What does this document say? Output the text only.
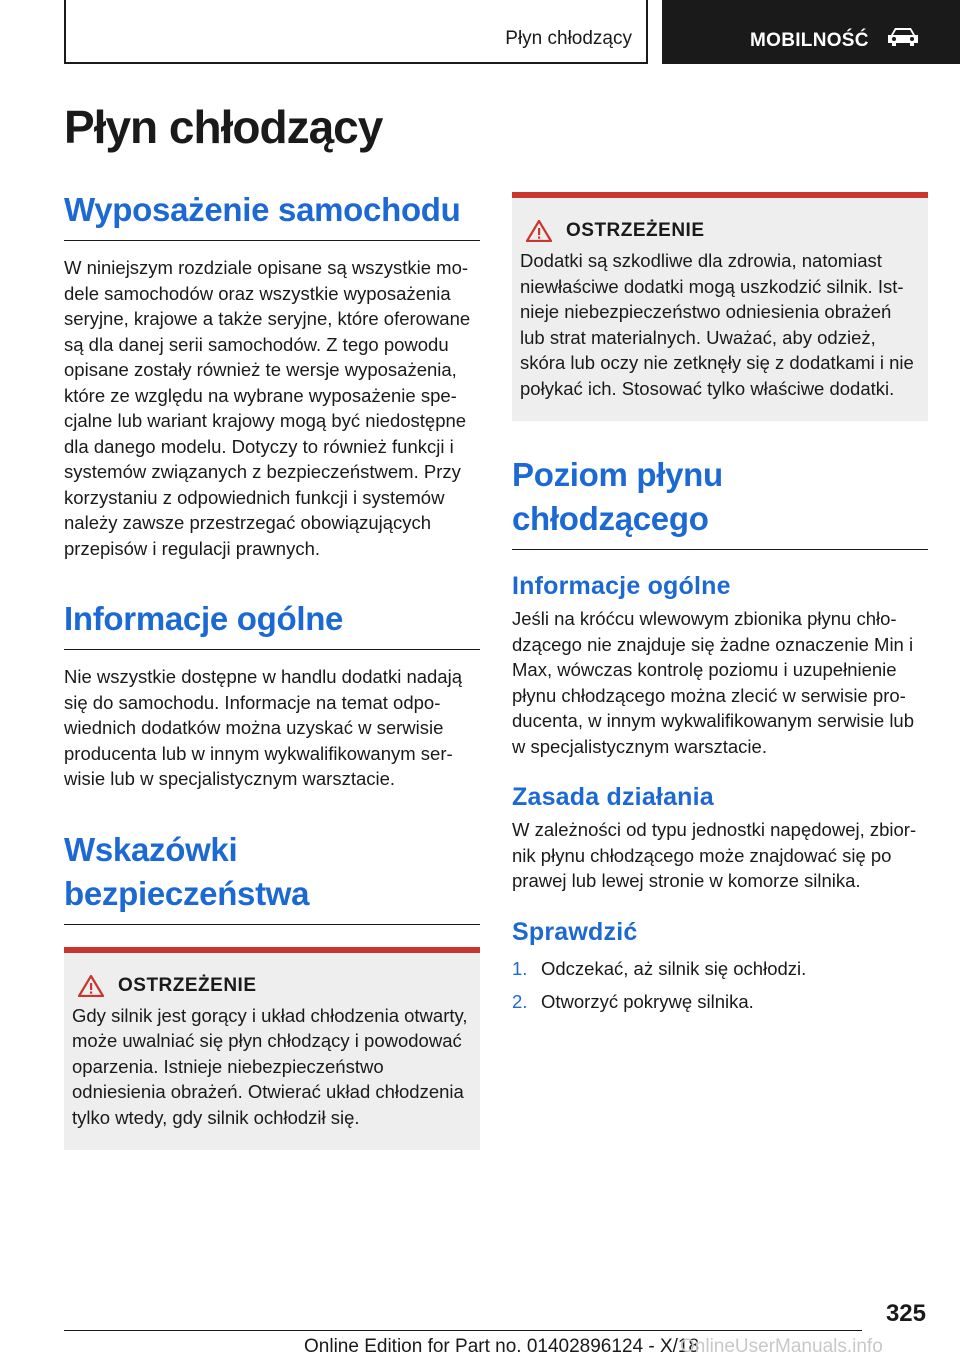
Płyn chłodzący	MOBILNOŚĆ
Płyn chłodzący
Wyposażenie samochodu

W niniejszym rozdziale opisane są wszystkie modele samochodów oraz wszystkie wyposażenia seryjne, krajowe a także seryjne, które oferowane są dla danej serii samochodów. Z tego powodu opisane zostały również te wersje wyposażenia, które ze względu na wybrane wyposażenie specjalne lub wariant krajowy mogą być niedostępne dla danego modelu. Dotyczy to również funkcji i systemów związanych z bezpieczeństwem. Przy korzystaniu z odpowiednich funkcji i systemów należy zawsze przestrzegać obowiązujących przepisów i regulacji prawnych.

Informacje ogólne

Nie wszystkie dostępne w handlu dodatki nadają się do samochodu. Informacje na temat odpowiednich dodatków można uzyskać w serwisie producenta lub w innym wykwalifikowanym serwisie lub w specjalistycznym warsztacie.

Wskazówki bezpieczeństwa
OSTRZEŻENIE

Gdy silnik jest gorący i układ chłodzenia otwarty, może uwalniać się płyn chłodzący i powodować oparzenia. Istnieje niebezpieczeństwo odniesienia obrażeń. Otwierać układ chłodzenia tylko wtedy, gdy silnik ochłodził się.

OSTRZEŻENIE

Dodatki są szkodliwe dla zdrowia, natomiast niewłaściwe dodatki mogą uszkodzić silnik. Istnieje niebezpieczeństwo odniesienia obrażeń lub strat materialnych. Uważać, aby odzież, skóra lub oczy nie zetknęły się z dodatkami i nie połykać ich. Stosować tylko właściwe dodatki.

Poziom płynu chłodzącego
Informacje ogólne

Jeśli na króćcu wlewowym zbionika płynu chłodzącego nie znajduje się żadne oznaczenie Min i Max, wówczas kontrolę poziomu i uzupełnienie płynu chłodzącego można zlecić w serwisie producenta, w innym wykwalifikowanym serwisie lub w specjalistycznym warsztacie.

Zasada działania

W zależności od typu jednostki napędowej, zbiornik płynu chłodzącego może znajdować się po prawej lub lewej stronie w komorze silnika.

Sprawdzić
1. Odczekać, aż silnik się ochłodzi.
2. Otworzyć pokrywę silnika.
325
Online Edition for Part no. 01402896124 - X/18
OnlineUserManuals.info
